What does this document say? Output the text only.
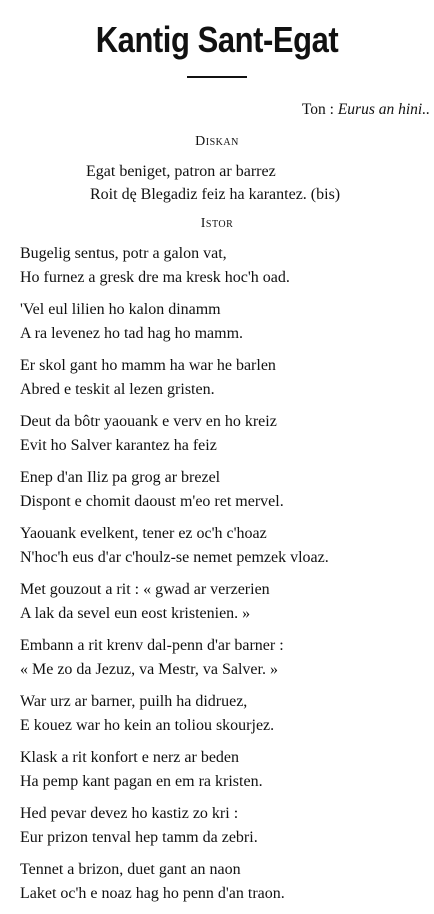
Kantig Sant-Egat
Ton : Eurus an hini..
Diskan
Egat beniget, patron ar barrez
Roit dę Blegadiz feiz ha karantez. (bis)
Istor
Bugelig sentus, potr a galon vat,
Ho furnez a gresk dre ma kresk hoc'h oad.
'Vel eul lilien ho kalon dinamm
A ra levenez ho tad hag ho mamm.
Er skol gant ho mamm ha war he barlen
Abred e teskit al lezen gristen.
Deut da bôtr yaouank e verv en ho kreiz
Evit ho Salver karantez ha feiz
Enep d'an Iliz pa grog ar brezel
Dispont e chomit daoust m'eo ret mervel.
Yaouank evelkent, tener ez oc'h c'hoaz
N'hoc'h eus d'ar c'houlz-se nemet pemzek vloaz.
Met gouzout a rit : « gwad ar verzerien
A lak da sevel eun eost kristenien. »
Embann a rit krenv dal-penn d'ar barner :
« Me zo da Jezuz, va Mestr, va Salver. »
War urz ar barner, puilh ha didruez,
E kouez war ho kein an toliou skourjez.
Klask a rit konfort e nerz ar beden
Ha pemp kant pagan en em ra kristen.
Hed pevar devez ho kastiz zo kri :
Eur prizon tenval hep tamm da zebri.
Tennet a brizon, duet gant an naon
Laket oc'h e noaz hag ho penn d'an traon.
